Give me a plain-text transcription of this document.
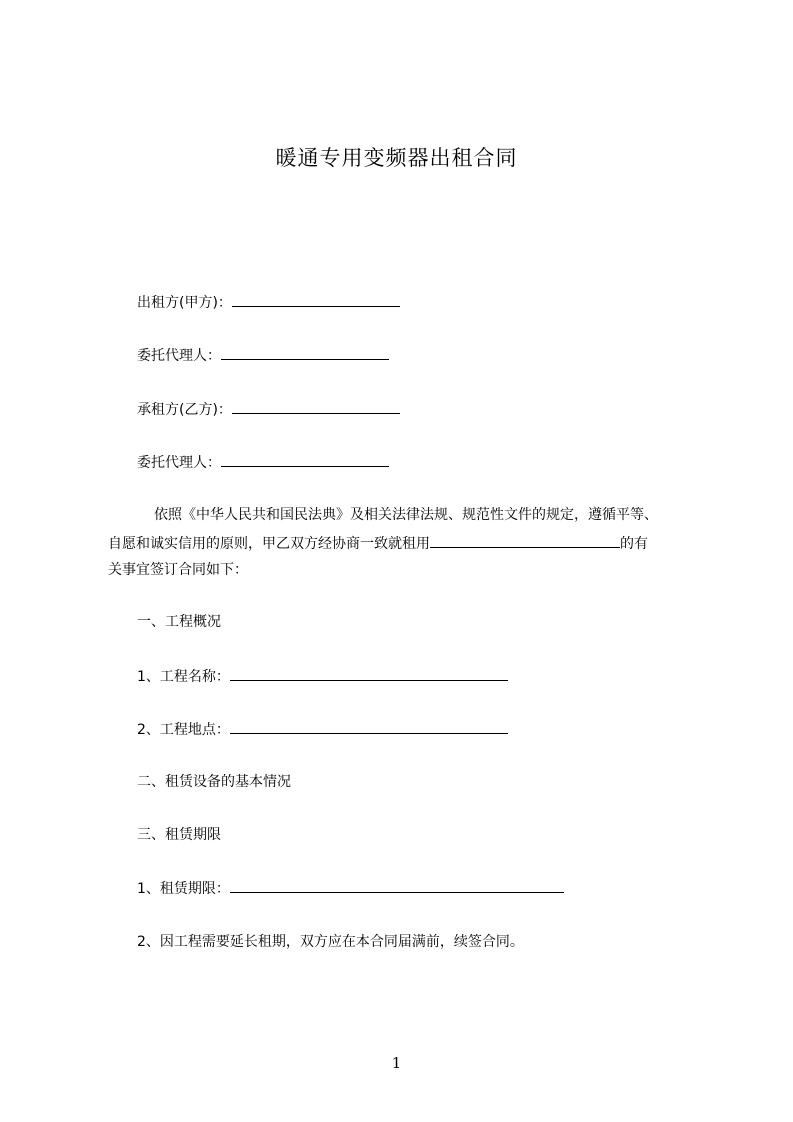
暖通专用变频器出租合同
出租方(甲方)：
委托代理人：
承租方(乙方)：
委托代理人：
依照《中华人民共和国民法典》及相关法律法规、规范性文件的规定，遵循平等、
自愿和诚实信用的原则，甲乙双方经协商一致就租用	的有
关事宜签订合同如下：
一、工程概况
1、工程名称：
2、工程地点：
二、租赁设备的基本情况
三、租赁期限
1、租赁期限：
2、因工程需要延长租期，双方应在本合同届满前，续签合同。
1
